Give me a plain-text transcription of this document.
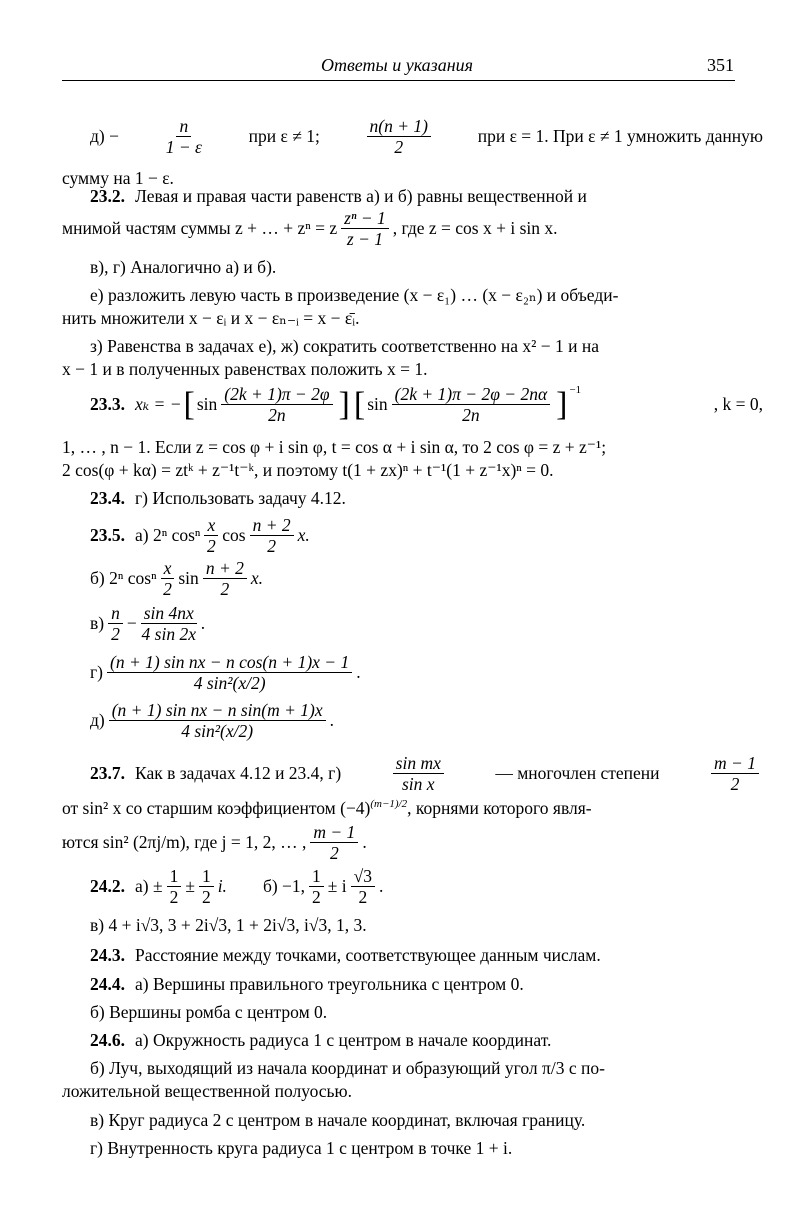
Ответы и указания	351
д) −	$\frac{n}{1 - \varepsilon}$	при ε ≠ 1;	$\frac{n(n + 1)}{2}$	при ε = 1. При ε ≠ 1 умножить данную
сумму на 1 − ε.
23.2. Левая и правая части равенств а) и б) равны вещественной и
мнимой частям суммы z + … + zⁿ = z $\frac{\text{zⁿ − 1}}{z - 1}$ , где z = cos x + i sin x.
в), г) Аналогично а) и б).
е) разложить левую часть в произведение (x − ε₁) … (x − ε₂ₙ) и объеди-
нить множители x − εᵢ и x − εₙ₋ᵢ = x − ε̄ᵢ.
з) Равенства в задачах е), ж) сократить соответственно на x² − 1 и на
x − 1 и в полученных равенствах положить x = 1.
23.3. xₖ = − [ $\sin \frac{(2k + 1)\pi - 2\varphi}{2n}$ ] [ $\sin \frac{(2k + 1)\pi - 2\varphi - 2n\alpha}{2n} ]^{-1}$
, k = 0,
1, … , n − 1. Если z = cos φ + i sin φ, t = cos α + i sin α, то 2 cos φ = z + z⁻¹;
2 cos(φ + kα) = ztᵏ + z⁻¹t⁻ᵏ, и поэтому t(1 + zx)ⁿ + t⁻¹(1 + z⁻¹x)ⁿ = 0.
23.4. г) Использовать задачу 4.12.
23.5. а) 2ⁿ cosⁿ $\frac{x}{2}$ $\cos \frac{n + 2}{2} x$.
б) 2ⁿ cosⁿ $\frac{x}{2}$ $\sin \frac{n + 2}{2} x$.
$в) \frac{n}{2} - \frac{\sin 4nx}{4 \sin 2x}$ .
$г) \frac{\text{(n + 1) sin nx − n cos(n + 1)x − 1}}{\text{4 sin²(x/2)}}$ .
$д) \frac{\text{(n + 1) sin nx − n sin(m + 1)x}}{\text{4 sin²(x/2)}}$ .
23.7. Как в задачах 4.12 и 23.4, г)	$\frac{\text{sin mx}}{\text{sin x}}$	— многочлен степени	$\frac{m - 1}{2}$
от sin² x со старшим коэффициентом $(-4)^{(m-1)/2}$ , корнями которого явля-
ются sin² (2πj/m), где j = 1, 2, … , $\frac{m - 1}{2}$ .
24.2. $а) \pm \frac{1}{2} \pm \frac{1}{2} i$. б) −1, $\frac{1}{2} \pm i \frac{√3}{2}$ .
в) 4 + i√3, 3 + 2i√3, 1 + 2i√3, i√3, 1, 3.
24.3. Расстояние между точками, соответствующее данным числам.
24.4. а) Вершины правильного треугольника с центром 0.
б) Вершины ромба с центром 0.
24.6. а) Окружность радиуса 1 с центром в начале координат.
б) Луч, выходящий из начала координат и образующий угол π/3 с по-
ложительной вещественной полуосью.
в) Круг радиуса 2 с центром в начале координат, включая границу.
г) Внутренность круга радиуса 1 с центром в точке 1 + i.
